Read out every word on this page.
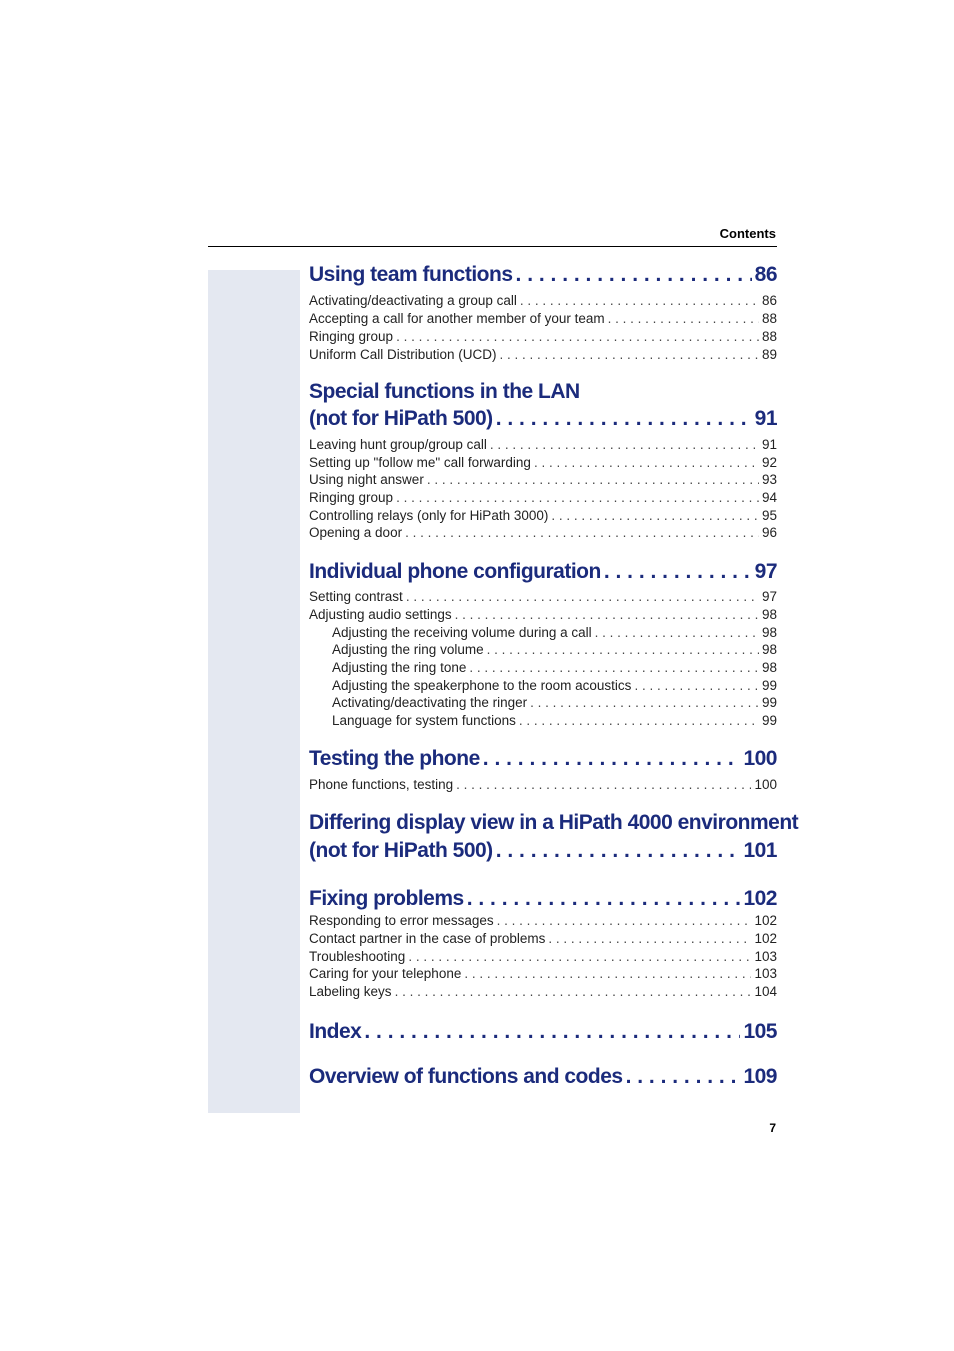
Contents
Using team functions . . .	86
Activating/deactivating a group call . . .	86
Accepting a call for another member of your team . . .	88
Ringing group . . .	88
Uniform Call Distribution (UCD) . . .	89
Special functions in the LAN
(not for HiPath 500) . . .	91
Leaving hunt group/group call . . .	91
Setting up "follow me" call forwarding . . .	92
Using night answer . . .	93
Ringing group . . .	94
Controlling relays (only for HiPath 3000) . . .	95
Opening a door . . .	96
Individual phone configuration . . .	97
Setting contrast . . .	97
Adjusting audio settings . . .	98
Adjusting the receiving volume during a call . . .	98
Adjusting the ring volume . . .	98
Adjusting the ring tone . . .	98
Adjusting the speakerphone to the room acoustics . . .	99
Activating/deactivating the ringer . . .	99
Language for system functions . . .	99
Testing the phone . . .	100
Phone functions, testing . . .	100
Differing display view in a HiPath 4000 environment
(not for HiPath 500) . . .	101
Fixing problems . . .	102
Responding to error messages . . .	102
Contact partner in the case of problems . . .	102
Troubleshooting . . .	103
Caring for your telephone . . .	103
Labeling keys . . .	104
Index . . .	105
Overview of functions and codes . . .	109
7
